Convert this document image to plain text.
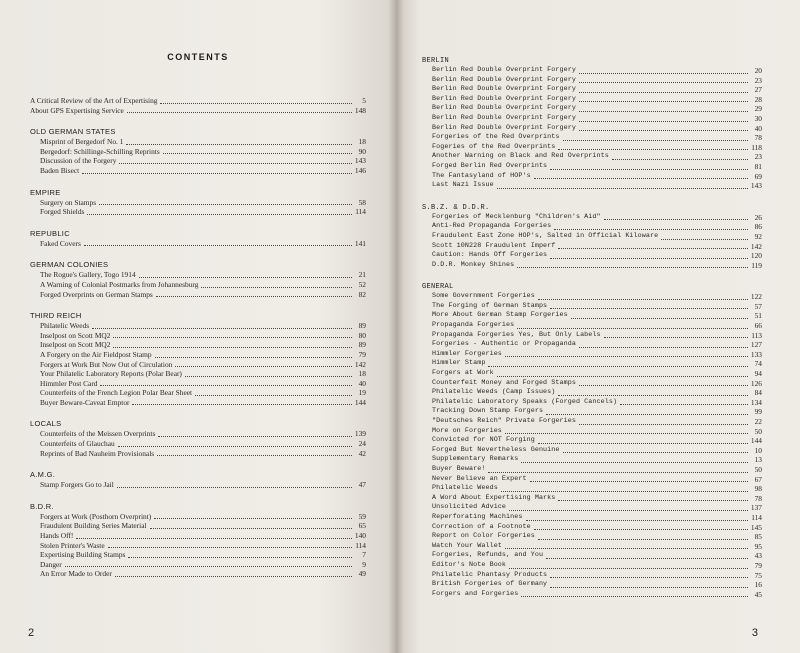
CONTENTS
A Critical Review of the Art of Expertising	5
About GPS Expertising Service	148
OLD GERMAN STATES
Misprint of Bergedorf No. 1	18
Bergedorf: Schillinge-Schilling Reprints	90
Discussion of the Forgery	143
Baden Bisect	146
EMPIRE
Surgery on Stamps	58
Forged Shields	114
REPUBLIC
Faked Covers	141
GERMAN COLONIES
The Rogue's Gallery, Togo 1914	21
A Warning of Colonial Postmarks from Johannesburg	52
Forged Overprints on German Stamps	82
THIRD REICH
Philatelic Weeds	89
Inselpost on Scott MQ2	80
Inselpost on Scott MQ2	89
A Forgery on the Air Fieldpost Stamp	79
Forgers at Work But Now Out of Circulation	142
Your Philatelic Laboratory Reports (Polar Bear)	18
Himmler Post Card	40
Counterfeits of the French Legion Polar Bear Sheet	19
Buyer Beware-Caveat Emptor	144
LOCALS
Counterfeits of the Meissen Overprints	139
Counterfeits of Glauchau	24
Reprints of Bad Nauheim Provisionals	42
A.M.G.
Stamp Forgers Go to Jail	47
B.D.R.
Forgers at Work (Posthorn Overprint)	59
Fraudulent Building Series Material	65
Hands Off!	140
Stolen Printer's Waste	114
Expertising Building Stamps	7
Danger	9
An Error Made to Order	49
2
BERLIN
Berlin Red Double Overprint Forgery	20
Berlin Red Double Overprint Forgery	23
Berlin Red Double Overprint Forgery	27
Berlin Red Double Overprint Forgery	28
Berlin Red Double Overprint Forgery	29
Berlin Red Double Overprint Forgery	30
Berlin Red Double Overprint Forgery	40
Forgeries of the Red Overprints	78
Fogeries of the Red Overprints	118
Another Warning on Black and Red Overprints	23
Forged Berlin Red Overprints	81
The Fantasyland of HOP's	69
Last Nazi Issue	143
S.B.Z. & D.D.R.
Forgeries of Mecklenburg "Children's Aid"	26
Anti-Red Propaganda Forgeries	86
Fraudulent East Zone HOP's, Salted in Official Kiloware	92
Scott 10N228 Fraudulent Imperf	142
Caution: Hands Off Forgeries	120
D.D.R. Monkey Shines	119
GENERAL
Some Government Forgeries	122
The Forging of German Stamps	57
More About German Stamp Forgeries	51
Propaganda Forgeries	66
Propaganda Forgeries Yes, But Only Labels	113
Forgeries - Authentic or Propaganda	127
Himmler Forgeries	133
Himmler Stamp	74
Forgers at Work	94
Counterfeit Money and Forged Stamps	126
Philatelic Weeds (Camp Issues)	84
Philatelic Laboratory Speaks (Forged Cancels)	134
Tracking Down Stamp Forgers	99
"Deutsches Reich" Private Forgeries	22
More on Forgeries	50
Convicted for NOT Forging	144
Forged But Nevertheless Genuine	10
Supplementary Remarks	13
Buyer Beware!	50
Never Believe an Expert	67
Philatelic Weeds	98
A Word About Expertising Marks	78
Unsolicited Advice	137
Reperforating Machines	114
Correction of a Footnote	145
Report on Color Forgeries	85
Watch Your Wallet	95
Forgeries, Refunds, and You	43
Editor's Note Book	79
Philatelic Phantasy Products	75
British Forgeries of Germany	16
Forgers and Forgeries	45
3
